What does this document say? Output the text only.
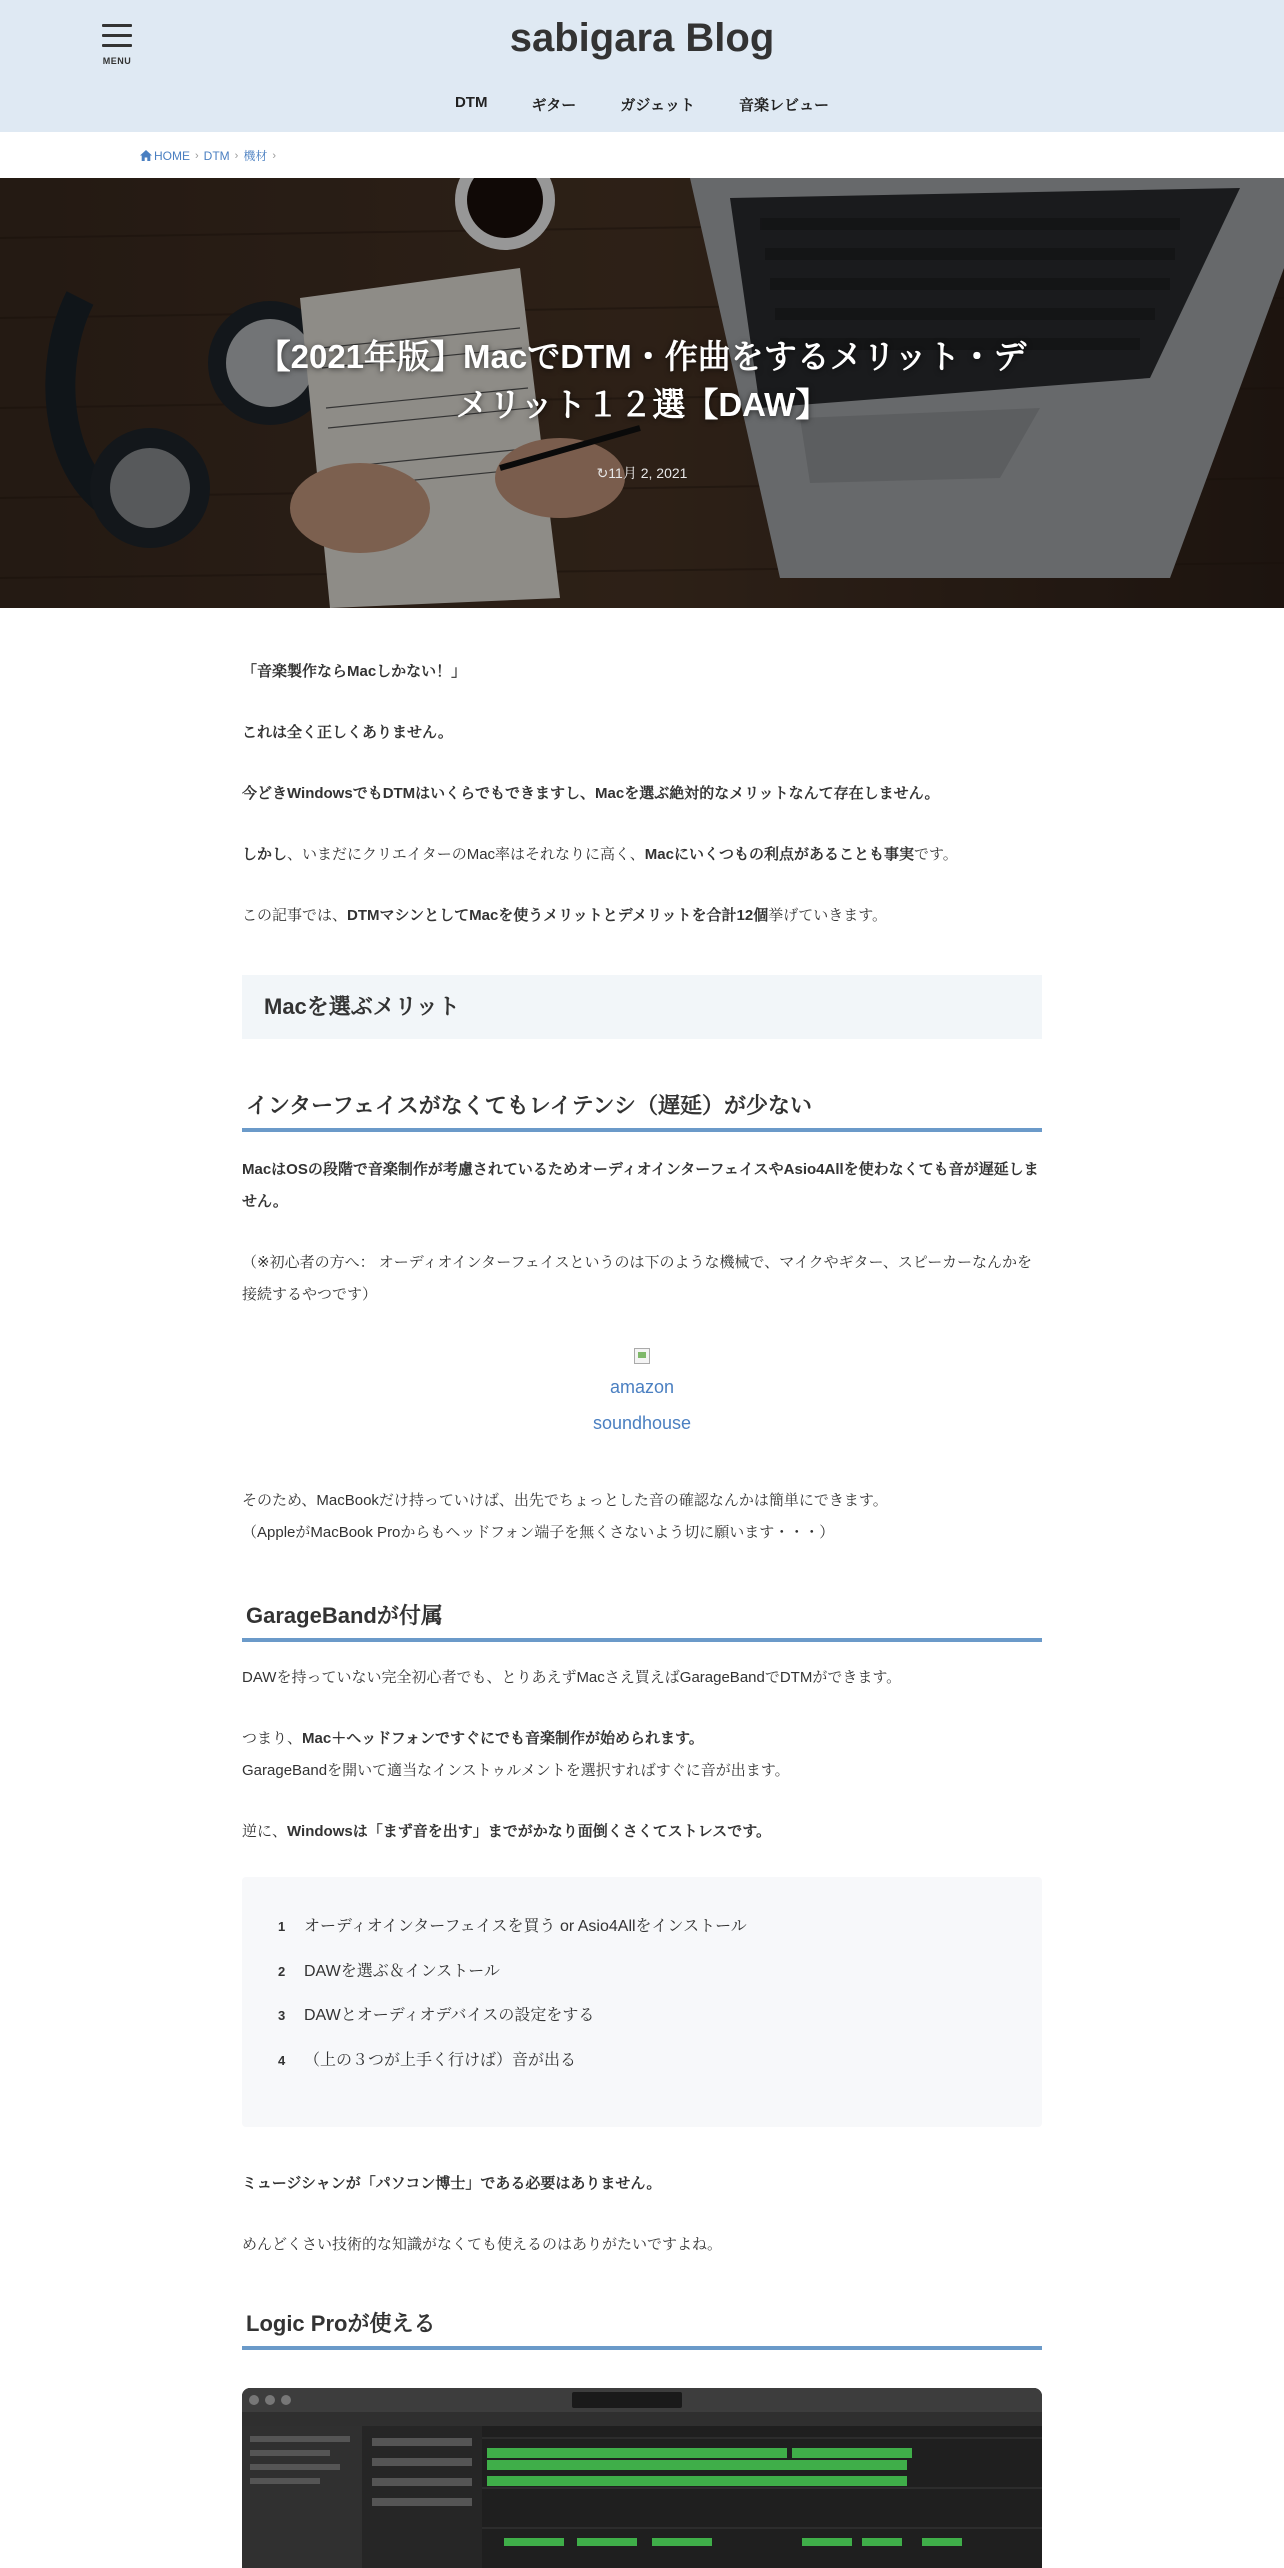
MENU
sabigara Blog
DTM	ギター	ガジェット	音楽レビュー
HOME › DTM › 機材 ›
【2021年版】MacでDTM・作曲をするメリット・デメリット１２選【DAW】
↻11月 2, 2021
「音楽製作ならMacしかない！」
これは全く正しくありません。
今どきWindowsでもDTMはいくらでもできますし、Macを選ぶ絶対的なメリットなんて存在しません。
しかし、いまだにクリエイターのMac率はそれなりに高く、Macにいくつもの利点があることも事実です。
この記事では、DTMマシンとしてMacを使うメリットとデメリットを合計12個挙げていきます。
Macを選ぶメリット
インターフェイスがなくてもレイテンシ（遅延）が少ない
MacはOSの段階で音楽制作が考慮されているためオーディオインターフェイスやAsio4Allを使わなくても音が遅延しません。
（※初心者の方へ： オーディオインターフェイスというのは下のような機械で、マイクやギター、スピーカーなんかを接続するやつです）
amazon
soundhouse
そのため、MacBookだけ持っていけば、出先でちょっとした音の確認なんかは簡単にできます。
（AppleがMacBook Proからもヘッドフォン端子を無くさないよう切に願います・・・）
GarageBandが付属
DAWを持っていない完全初心者でも、とりあえずMacさえ買えばGarageBandでDTMができます。
つまり、Mac＋ヘッドフォンですぐにでも音楽制作が始められます。
GarageBandを開いて適当なインストゥルメントを選択すればすぐに音が出ます。
逆に、Windowsは「まず音を出す」までがかなり面倒くさくてストレスです。
1 オーディオインターフェイスを買う or Asio4Allをインストール
2 DAWを選ぶ＆インストール
3 DAWとオーディオデバイスの設定をする
4 （上の３つが上手く行けば）音が出る
ミュージシャンが「パソコン博士」である必要はありません。
めんどくさい技術的な知識がなくても使えるのはありがたいですよね。
Logic Proが使える
